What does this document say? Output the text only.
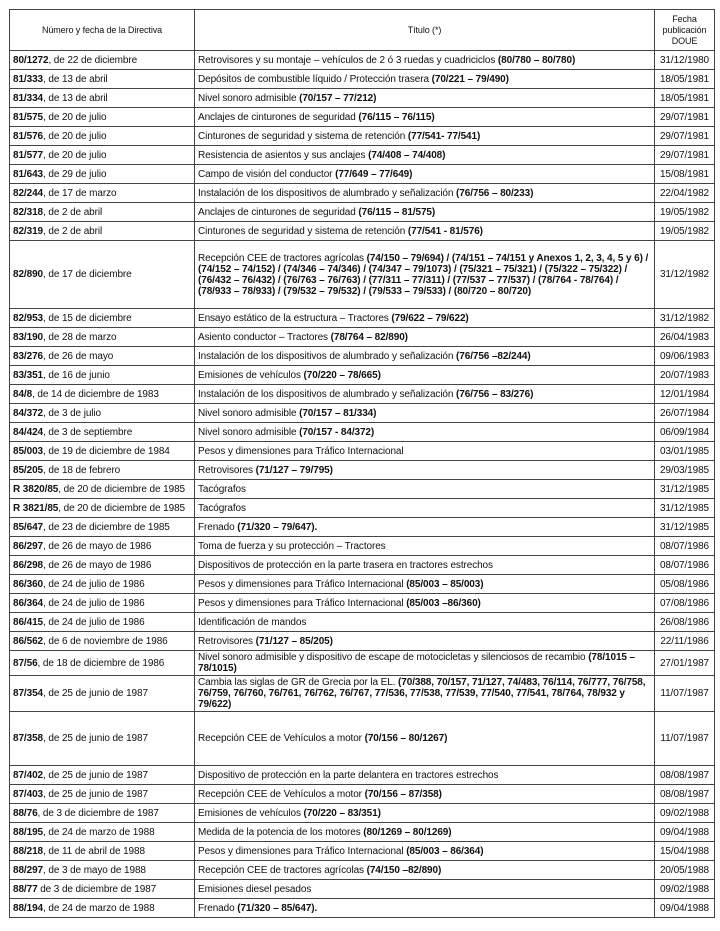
Número y fecha de la Directiva	Título (*)	Fecha publicación DOUE
80/1272, de 22 de diciembre	Retrovisores y su montaje – vehículos de 2 ó 3 ruedas y cuadriciclos (80/780 – 80/780)	31/12/1980
81/333, de 13 de abril	Depósitos de combustible líquido / Protección trasera (70/221 – 79/490)	18/05/1981
81/334, de 13 de abril	Nivel sonoro admisible (70/157 – 77/212)	18/05/1981
81/575, de 20 de julio	Anclajes de cinturones de seguridad (76/115 – 76/115)	29/07/1981
81/576, de 20 de julio	Cinturones de seguridad y sistema de retención (77/541- 77/541)	29/07/1981
81/577, de 20 de julio	Resistencia de asientos y sus anclajes (74/408 – 74/408)	29/07/1981
81/643, de 29 de julio	Campo de visión del conductor (77/649 – 77/649)	15/08/1981
82/244, de 17 de marzo	Instalación de los dispositivos de alumbrado y señalización (76/756 – 80/233)	22/04/1982
82/318, de 2 de abril	Anclajes de cinturones de seguridad (76/115 – 81/575)	19/05/1982
82/319, de 2 de abril	Cinturones de seguridad y sistema de retención (77/541 - 81/576)	19/05/1982
82/890, de 17 de diciembre	Recepción CEE de tractores agrícolas (74/150 – 79/694) / (74/151 – 74/151 y Anexos 1, 2, 3, 4, 5 y 6) / (74/152 – 74/152) / (74/346 – 74/346) / (74/347 – 79/1073) / (75/321 – 75/321) / (75/322 – 75/322) / (76/432 – 76/432) / (76/763 – 76/763) / (77/311 – 77/311) / (77/537 – 77/537) / (78/764 - 78/764) / (78/933 – 78/933) / (79/532 – 79/532) / (79/533 – 79/533) / (80/720 – 80/720)	31/12/1982
82/953, de 15 de diciembre	Ensayo estático de la estructura – Tractores (79/622 – 79/622)	31/12/1982
83/190, de 28 de marzo	Asiento conductor – Tractores (78/764 – 82/890)	26/04/1983
83/276, de 26 de mayo	Instalación de los dispositivos de alumbrado y señalización (76/756 –82/244)	09/06/1983
83/351, de 16 de junio	Emisiones de vehículos (70/220 – 78/665)	20/07/1983
84/8, de 14 de diciembre de 1983	Instalación de los dispositivos de alumbrado y señalización (76/756 – 83/276)	12/01/1984
84/372, de 3 de julio	Nivel sonoro admisible (70/157 – 81/334)	26/07/1984
84/424, de 3 de septiembre	Nivel sonoro admisible (70/157 - 84/372)	06/09/1984
85/003, de 19 de diciembre de 1984	Pesos y dimensiones para Tráfico Internacional	03/01/1985
85/205, de 18 de febrero	Retrovisores (71/127 – 79/795)	29/03/1985
R 3820/85, de 20 de diciembre de 1985	Tacógrafos	31/12/1985
R 3821/85, de 20 de diciembre de 1985	Tacógrafos	31/12/1985
85/647, de 23 de diciembre de 1985	Frenado (71/320 – 79/647).	31/12/1985
86/297, de 26 de mayo de 1986	Toma de fuerza y su protección – Tractores	08/07/1986
86/298, de 26 de mayo de 1986	Dispositivos de protección en la parte trasera en tractores estrechos	08/07/1986
86/360, de 24 de julio de 1986	Pesos y dimensiones para Tráfico Internacional (85/003 – 85/003)	05/08/1986
86/364, de 24 de julio de 1986	Pesos y dimensiones para Tráfico Internacional (85/003 –86/360)	07/08/1986
86/415, de 24 de julio de 1986	Identificación de mandos	26/08/1986
86/562, de 6 de noviembre de 1986	Retrovisores (71/127 – 85/205)	22/11/1986
87/56, de 18 de diciembre de 1986	Nivel sonoro admisible y dispositivo de escape de motocicletas y silenciosos de recambio (78/1015 – 78/1015)	27/01/1987
87/354, de 25 de junio de 1987	Cambia las siglas de GR de Grecia por la EL. (70/388, 70/157, 71/127, 74/483, 76/114, 76/777, 76/758, 76/759, 76/760, 76/761, 76/762, 76/767, 77/536, 77/538, 77/539, 77/540, 77/541, 78/764, 78/932 y 79/622)	11/07/1987
87/358, de 25 de junio de 1987	Recepción CEE de Vehículos a motor (70/156 – 80/1267)	11/07/1987
87/402, de 25 de junio de 1987	Dispositivo de protección en la parte delantera en tractores estrechos	08/08/1987
87/403, de 25 de junio de 1987	Recepción CEE de Vehículos a motor (70/156 – 87/358)	08/08/1987
88/76, de 3 de diciembre de 1987	Emisiones de vehículos (70/220 – 83/351)	09/02/1988
88/195, de 24 de marzo de 1988	Medida de la potencia de los motores (80/1269 – 80/1269)	09/04/1988
88/218, de 11 de abril de 1988	Pesos y dimensiones para Tráfico Internacional (85/003 – 86/364)	15/04/1988
88/297, de 3 de mayo de 1988	Recepción CEE de tractores agrícolas (74/150 –82/890)	20/05/1988
88/77 de 3 de diciembre de 1987	Emisiones diesel pesados	09/02/1988
88/194, de 24 de marzo de 1988	Frenado (71/320 – 85/647).	09/04/1988
